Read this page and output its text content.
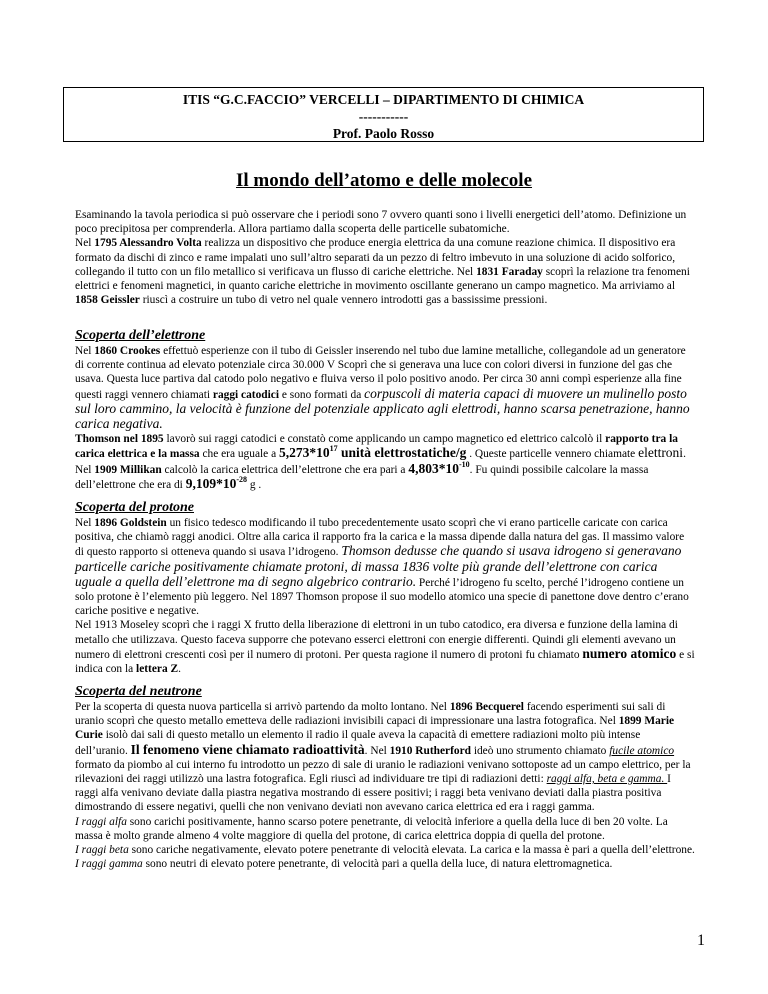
ITIS “G.C.FACCIO” VERCELLI – DIPARTIMENTO DI CHIMICA
-----------
Prof. Paolo Rosso
Il mondo dell’atomo e delle molecole

Esaminando la tavola periodica si può osservare che i periodi sono 7 ovvero quanti sono i livelli energetici dell’atomo. Definizione un poco precipitosa per comprenderla. Allora partiamo dalla scoperta delle particelle subatomiche.

Nel 1795 Alessandro Volta realizza un dispositivo che produce energia elettrica da una comune reazione chimica. Il dispositivo era formato da dischi di zinco e rame impalati uno sull’altro separati da un pezzo di feltro imbevuto in una soluzione di acido solforico, collegando il tutto con un filo metallico si verificava un flusso di cariche elettriche. Nel 1831 Faraday scoprì la relazione tra fenomeni elettrici e fenomeni magnetici, in quanto cariche elettriche in movimento oscillante generano un campo magnetico. Ma arriviamo al 1858 Geissler riuscì a costruire un tubo di vetro nel quale vennero introdotti gas a bassissime pressioni.

Scoperta dell’elettrone

Nel 1860 Crookes effettuò esperienze con il tubo di Geissler inserendo nel tubo due lamine metalliche, collegandole ad un generatore di corrente continua ad elevato potenziale circa 30.000 V Scoprì che si generava una luce con colori diversi in funzione del gas che usava. Questa luce partiva dal catodo polo negativo e fluiva verso il polo positivo anodo. Per circa 30 anni compì esperienze alla fine questi raggi vennero chiamati raggi catodici e sono formati da corpuscoli di materia capaci di muovere un mulinello posto sul loro cammino, la velocità è funzione del potenziale applicato agli elettrodi, hanno scarsa penetrazione, hanno carica negativa.

Thomson nel 1895 lavorò sui raggi catodici e constatò come applicando un campo magnetico ed elettrico calcolò il rapporto tra la carica elettrica e la massa che era uguale a $5,273*10^{17}$ unità elettrostatiche/g . Queste particelle vennero chiamate elettroni. Nel 1909 Millikan calcolò la carica elettrica dell’elettrone che era pari a $4,803*10^{-10}$. Fu quindi possibile calcolare la massa dell’elettrone che era di $9,109*10^{-28}$ g .

Scoperta del protone

Nel 1896 Goldstein un fisico tedesco modificando il tubo precedentemente usato scoprì che vi erano particelle caricate con carica positiva, che chiamò raggi anodici. Oltre alla carica il rapporto fra la carica e la massa dipende dalla natura del gas. Il massimo valore di questo rapporto si otteneva quando si usava l’idrogeno. Thomson dedusse che quando si usava idrogeno si generavano particelle cariche positivamente chiamate protoni, di massa 1836 volte più grande dell’elettrone con carica uguale a quella dell’elettrone ma di segno algebrico contrario. Perché l’idrogeno fu scelto, perché l’idrogeno contiene un solo protone è l’elemento più leggero. Nel 1897 Thomson propose il suo modello atomico una specie di panettone dove dentro c’erano cariche positive e negative.

Nel 1913 Moseley scoprì che i raggi X frutto della liberazione di elettroni in un tubo catodico, era diversa e funzione della lamina di metallo che utilizzava. Questo faceva supporre che potevano esserci elettroni con energie differenti. Quindi gli elementi avevano un numero di elettroni crescenti così per il numero di protoni. Per questa ragione il numero di protoni fu chiamato numero atomico e si indica con la lettera Z.

Scoperta del neutrone

Per la scoperta di questa nuova particella si arrivò partendo da molto lontano. Nel 1896 Becquerel facendo esperimenti sui sali di uranio scoprì che questo metallo emetteva delle radiazioni invisibili capaci di impressionare una lastra fotografica. Nel 1899 Marie Curie isolò dai sali di questo metallo un elemento il radio il quale aveva la capacità di emettere radiazioni molto più intense dell’uranio. Il fenomeno viene chiamato radioattività. Nel 1910 Rutherford ideò uno strumento chiamato fucile atomico formato da piombo al cui interno fu introdotto un pezzo di sale di uranio le radiazioni venivano sottoposte ad un campo elettrico, per la rilevazioni dei raggi utilizzò una lastra fotografica. Egli riuscì ad individuare tre tipi di radiazioni detti: raggi alfa, beta e gamma. I raggi alfa venivano deviate dalla piastra negativa mostrando di essere positivi; i raggi beta venivano deviati dalla piastra positiva dimostrando di essere negativi, quelli che non venivano deviati non avevano carica elettrica ed era i raggi gamma.

I raggi alfa sono carichi positivamente, hanno scarso potere penetrante, di velocità inferiore a quella della luce di ben 20 volte. La massa è molto grande almeno 4 volte maggiore di quella del protone, di carica elettrica doppia di quella del protone.

I raggi beta sono cariche negativamente, elevato potere penetrante di velocità elevata. La carica e la massa è pari a quella dell’elettrone.

I raggi gamma sono neutri di elevato potere penetrante, di velocità pari a quella della luce, di natura elettromagnetica.

1
